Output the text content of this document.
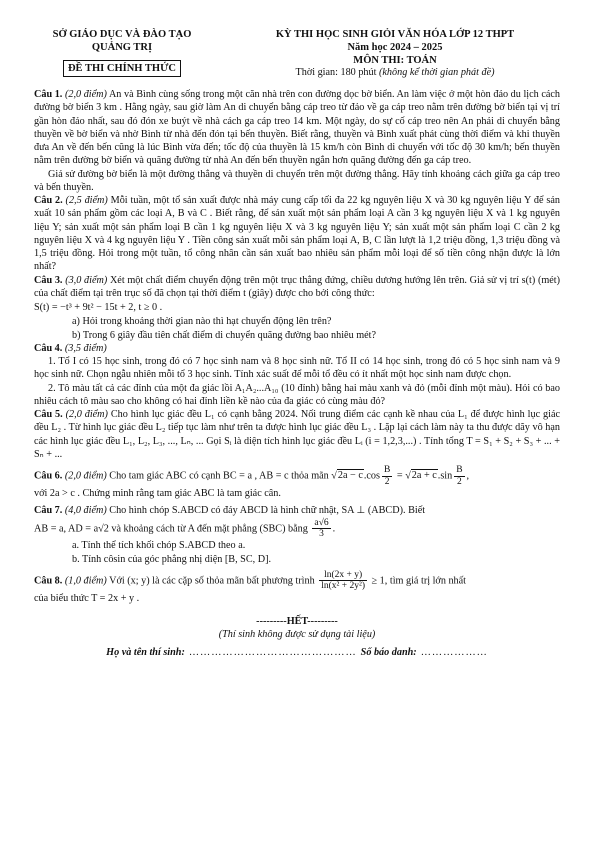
SỞ GIÁO DỤC VÀ ĐÀO TẠO
QUẢNG TRỊ
ĐỀ THI CHÍNH THỨC
KỲ THI HỌC SINH GIỎI VĂN HÓA LỚP 12 THPT
Năm học 2024 – 2025
MÔN THI: TOÁN
Thời gian: 180 phút (không kể thời gian phát đề)

Câu 1. (2,0 điểm) An và Bình cùng sống trong một căn nhà trên con đường dọc bờ biển. An làm việc ở một hòn đảo du lịch cách đường bờ biển 3 km . Hằng ngày, sau giờ làm An di chuyển bằng cáp treo từ đảo về ga cáp treo nằm trên đường bờ biển tại vị trí gần hòn đảo nhất, sau đó đón xe buýt về nhà cách ga cáp treo 14 km. Một ngày, do sự cố cáp treo nên An phải di chuyển bằng thuyền về bờ biển và nhờ Bình từ nhà đến đón tại bến thuyền. Biết rằng, thuyền và Bình xuất phát cùng thời điểm và khi thuyền đưa An về đến bến cũng là lúc Bình vừa đến; tốc độ của thuyền là 15 km/h còn Bình di chuyển với tốc độ 30 km/h; bến thuyền nằm trên đường bờ biển và quãng đường từ nhà An đến bến thuyền ngắn hơn quãng đường đến ga cáp treo.

Giả sử đường bờ biển là một đường thẳng và thuyền di chuyển trên một đường thẳng. Hãy tính khoảng cách giữa ga cáp treo và bến thuyền.

Câu 2. (2,5 điểm) Mỗi tuần, một tổ sản xuất được nhà máy cung cấp tối đa 22 kg nguyên liệu X và 30 kg nguyên liệu Y để sản xuất 10 sản phẩm gồm các loại A, B và C . Biết rằng, để sản xuất một sản phẩm loại A cần 3 kg nguyên liệu X và 1 kg nguyên liệu Y; sản xuất một sản phẩm loại B cần 1 kg nguyên liệu X và 3 kg nguyên liệu Y; sản xuất một sản phẩm loại C cần 2 kg nguyên liệu X và 4 kg nguyên liệu Y . Tiền công sản xuất mỗi sản phẩm loại A, B, C lần lượt là 1,2 triệu đồng, 1,3 triệu đồng và 1,5 triệu đồng. Hỏi trong một tuần, tổ công nhân cần sản xuất bao nhiêu sản phẩm mỗi loại để số tiền công nhận được là lớn nhất?

Câu 3. (3,0 điểm) Xét một chất điểm chuyển động trên một trục thẳng đứng, chiều dương hướng lên trên. Giả sử vị trí s(t) (mét) của chất điểm tại trên trục số đã chọn tại thời điểm t (giây) được cho bởi công thức:

S(t) = −t³ + 9t² − 15t + 2, t ≥ 0 .

a) Hỏi trong khoảng thời gian nào thì hạt chuyển động lên trên?

b) Trong 6 giây đầu tiên chất điểm di chuyển quãng đường bao nhiêu mét?

Câu 4. (3,5 điểm)

1. Tổ I có 15 học sinh, trong đó có 7 học sinh nam và 8 học sinh nữ. Tổ II có 14 học sinh, trong đó có 5 học sinh nam và 9 học sinh nữ. Chọn ngẫu nhiên mỗi tổ 3 học sinh. Tính xác suất để mỗi tổ đều có ít nhất một học sinh nam được chọn.

2. Tô màu tất cả các đỉnh của một đa giác lồi A₁A₂...A₁₀ (10 đỉnh) bằng hai màu xanh và đỏ (mỗi đỉnh một màu). Hỏi có bao nhiêu cách tô màu sao cho không có hai đỉnh liền kề nào của đa giác có cùng màu đỏ?

Câu 5. (2,0 điểm) Cho hình lục giác đều L₁ có cạnh bằng 2024. Nối trung điểm các cạnh kề nhau của L₁ để được hình lục giác đều L₂ . Từ hình lục giác đều L₂ tiếp tục làm như trên ta được hình lục giác đều L₃ . Lặp lại cách làm này ta thu được dãy vô hạn các hình lục giác đều L₁, L₂, L₃, ..., Lₙ, ... Gọi Sᵢ là diện tích hình lục giác đều Lᵢ (i = 1,2,3,...) . Tính tổng T = S₁ + S₂ + S₃ + ... + Sₙ + ...

Câu 6. (2,0 điểm) Cho tam giác ABC có cạnh BC = a , AB = c thỏa mãn $√2a - c.\cos \frac{B}{2} = √2a + c.\sin \frac{B}{2}$ ,

với 2a > c . Chứng minh rằng tam giác ABC là tam giác cân.

Câu 7. (4,0 điểm) Cho hình chóp S.ABCD có đáy ABCD là hình chữ nhật, SA ⊥ (ABCD). Biết

AB = a, AD = a√2 và khoảng cách từ A đến mặt phẳng (SBC) bằng $\frac{a√6}{3}$ .

a. Tính thể tích khối chóp S.ABCD theo a.

b. Tính côsin của góc phẳng nhị diện [B, SC, D].

Câu 8. (1,0 điểm) Với (x; y) là các cặp số thỏa mãn bất phương trình $\frac{\ln(2x + y)}{\text{ln(x² + 2y²)}} \ge 1$, tìm giá trị lớn nhất

của biểu thức T = 2x + y .

---------HẾT---------
(Thí sinh không được sử dụng tài liệu)
Họ và tên thí sinh: ……………………………………… Số báo danh: ………………
